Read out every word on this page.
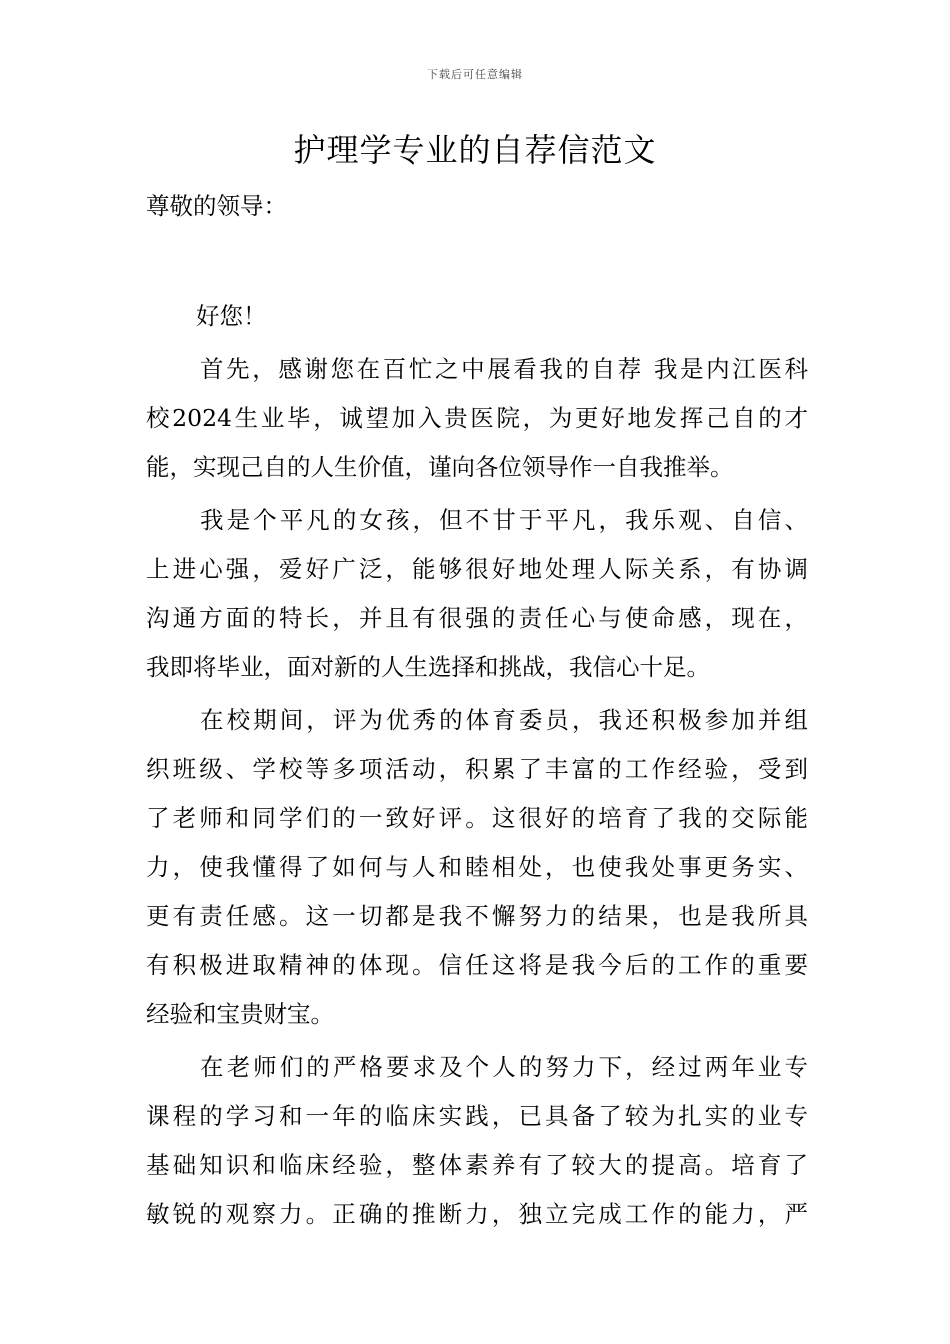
下载后可任意编辑
护理学专业的自荐信范文

尊敬的领导：

好您！

首先，感谢您在百忙之中展看我的自荐 我是内江医科
校2024生业毕，诚望加入贵医院，为更好地发挥己自的才
能，实现己自的人生价值，谨向各位领导作一自我推举。
我是个平凡的女孩，但不甘于平凡，我乐观、自信、
上进心强，爱好广泛，能够很好地处理人际关系，有协调
沟通方面的特长，并且有很强的责任心与使命感，现在，
我即将毕业，面对新的人生选择和挑战，我信心十足。
在校期间，评为优秀的体育委员，我还积极参加并组
织班级、学校等多项活动，积累了丰富的工作经验，受到
了老师和同学们的一致好评。这很好的培育了我的交际能
力，使我懂得了如何与人和睦相处，也使我处事更务实、
更有责任感。这一切都是我不懈努力的结果，也是我所具
有积极进取精神的体现。信任这将是我今后的工作的重要
经验和宝贵财宝。
在老师们的严格要求及个人的努力下，经过两年业专
课程的学习和一年的临床实践，已具备了较为扎实的业专
基础知识和临床经验，整体素养有了较大的提高。培育了
敏锐的观察力。正确的推断力，独立完成工作的能力，严
